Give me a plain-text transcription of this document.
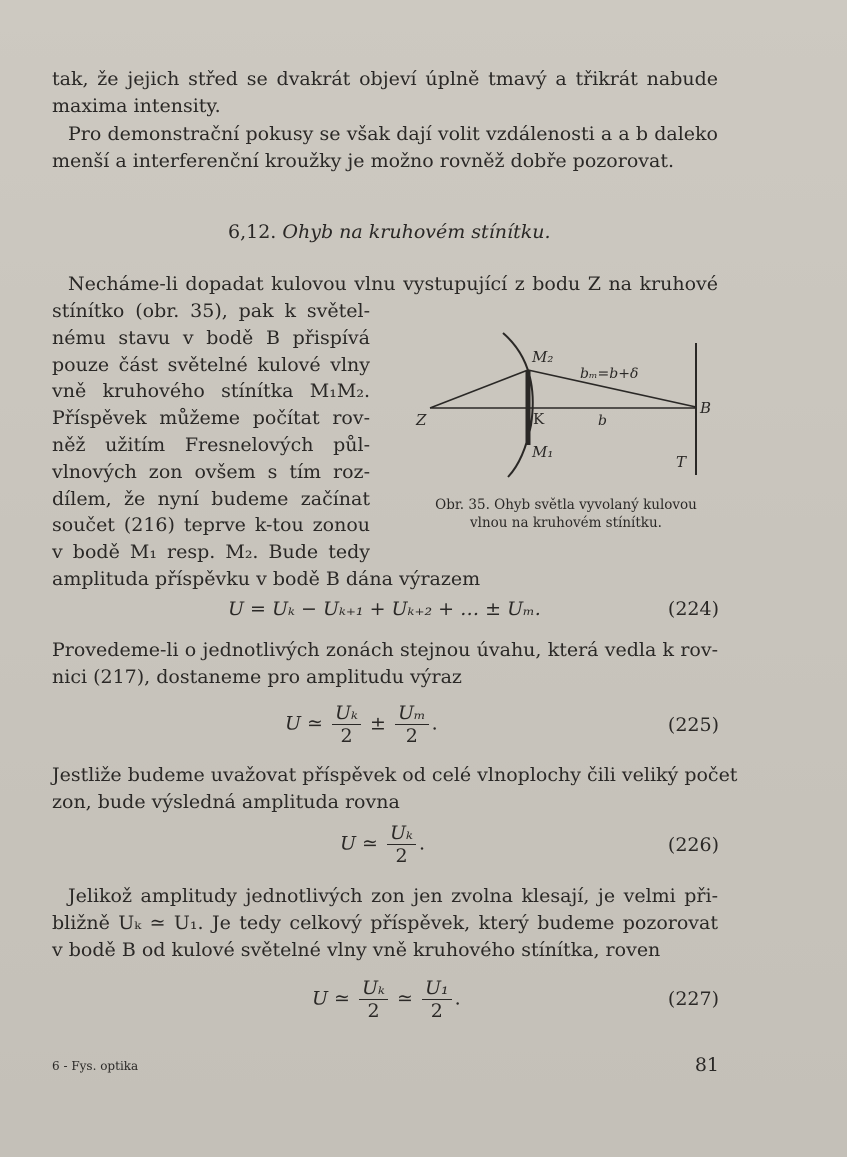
tak, že jejich střed se dvakrát objeví úplně tmavý a třikrát nabude
maxima intensity.
Pro demonstrační pokusy se však dají volit vzdálenosti a a b daleko
menší a interferenční kroužky je možno rovněž dobře pozorovat.
6,12. Ohyb na kruhovém stínítku.
Necháme-li dopadat kulovou vlnu vystupující z bodu Z na kruhové
stínítko (obr. 35), pak k světel-
nému stavu v bodě B přispívá
pouze část světelné kulové vlny
vně kruhového stínítka M₁M₂.
Příspěvek můžeme počítat rov-
něž užitím Fresnelových půl-
vlnových zon ovšem s tím roz-
dílem, že nyní budeme začínat
součet (216) teprve k-tou zonou
v bodě M₁ resp. M₂. Bude tedy
amplituda příspěvku v bodě B dána výrazem
M₂
bₘ=b+δ
B
Z	K	b
M₁
T
Obr. 35. Ohyb světla vyvolaný kulovou
vlnou na kruhovém stínítku.
U = Uₖ − Uₖ₊₁ + Uₖ₊₂ + … ± Uₘ.	(224)
Provedeme-li o jednotlivých zonách stejnou úvahu, která vedla k rov-
nici (217), dostaneme pro amplitudu výraz
U ≃ $\frac{\text{Uₖ}}{2} \pm \frac{\text{Uₘ}}{2}$ .	(225)
Jestliže budeme uvažovat příspěvek od celé vlnoplochy čili veliký počet
zon, bude výsledná amplituda rovna
U ≃ $\frac{\text{Uₖ}}{2}$ .	(226)
Jelikož amplitudy jednotlivých zon jen zvolna klesají, je velmi při-
bližně Uₖ ≃ U₁. Je tedy celkový příspěvek, který budeme pozorovat
v bodě B od kulové světelné vlny vně kruhového stínítka, roven
U ≃ $\frac{\text{Uₖ}}{2}$ ≃ $\frac{\text{U₁}}{2}$ .	(227)
6 - Fys. optika	81
